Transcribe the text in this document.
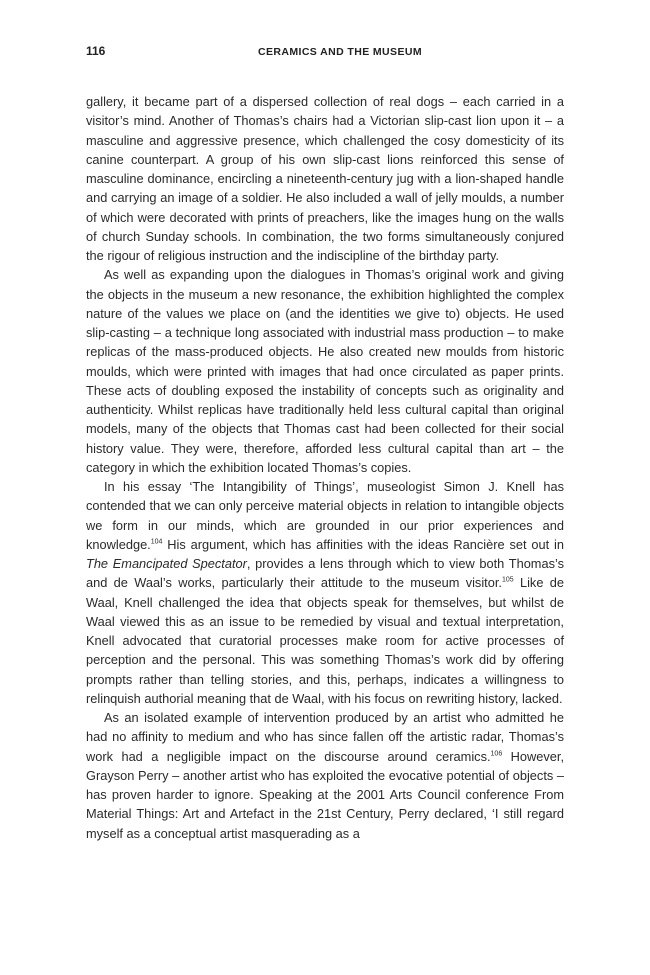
116	CERAMICS AND THE MUSEUM

gallery, it became part of a dispersed collection of real dogs – each carried in a visitor’s mind. Another of Thomas’s chairs had a Victorian slip-cast lion upon it – a masculine and aggressive presence, which challenged the cosy domesticity of its canine counterpart. A group of his own slip-cast lions reinforced this sense of masculine dominance, encircling a nineteenth-century jug with a lion-shaped handle and carrying an image of a soldier. He also included a wall of jelly moulds, a number of which were decorated with prints of preachers, like the images hung on the walls of church Sunday schools. In combination, the two forms simultaneously conjured the rigour of religious instruction and the indiscipline of the birthday party.

As well as expanding upon the dialogues in Thomas’s original work and giving the objects in the museum a new resonance, the exhibition highlighted the complex nature of the values we place on (and the identities we give to) objects. He used slip-casting – a technique long associated with industrial mass production – to make replicas of the mass-produced objects. He also created new moulds from historic moulds, which were printed with images that had once circulated as paper prints. These acts of doubling exposed the instability of concepts such as originality and authenticity. Whilst replicas have traditionally held less cultural capital than original models, many of the objects that Thomas cast had been collected for their social history value. They were, therefore, afforded less cultural capital than art – the category in which the exhibition located Thomas’s copies.

In his essay ‘The Intangibility of Things’, museologist Simon J. Knell has contended that we can only perceive material objects in relation to intangible objects we form in our minds, which are grounded in our prior experiences and knowledge.$^{104}$ His argument, which has affinities with the ideas Rancière set out in The Emancipated Spectator, provides a lens through which to view both Thomas’s and de Waal’s works, particularly their attitude to the museum visitor.$^{105}$ Like de Waal, Knell challenged the idea that objects speak for themselves, but whilst de Waal viewed this as an issue to be remedied by visual and textual interpretation, Knell advocated that curatorial processes make room for active processes of perception and the personal. This was something Thomas’s work did by offering prompts rather than telling stories, and this, perhaps, indicates a willingness to relinquish authorial meaning that de Waal, with his focus on rewriting history, lacked.

As an isolated example of intervention produced by an artist who admitted he had no affinity to medium and who has since fallen off the artistic radar, Thomas’s work had a negligible impact on the discourse around ceramics.$^{106}$ However, Grayson Perry – another artist who has exploited the evocative potential of objects – has proven harder to ignore. Speaking at the 2001 Arts Council conference From Material Things: Art and Artefact in the 21st Century, Perry declared, ‘I still regard myself as a conceptual artist masquerading as a
